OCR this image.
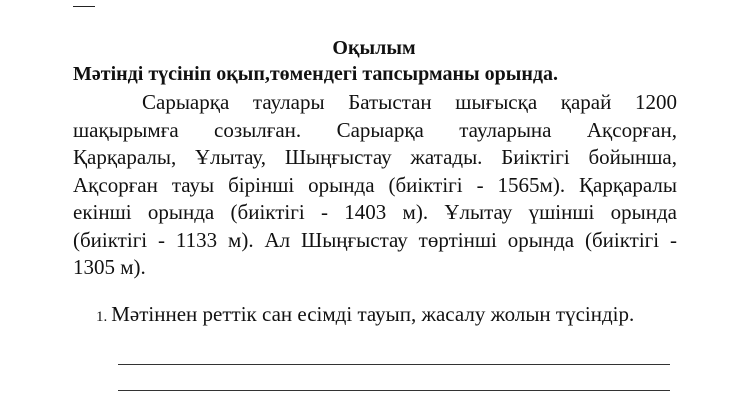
Оқылым
Мәтінді түсініп оқып,төмендегі тапсырманы орында.
Сарыарқа таулары Батыстан шығысқа қарай 1200
шақырымға созылған. Сарыарқа тауларына Ақсорған,
Қарқаралы, Ұлытау, Шыңғыстау жатады. Биіктігі бойынша,
Ақсорған тауы бірінші орында (биіктігі - 1565м). Қарқаралы
екінші орында (биіктігі - 1403 м). Ұлытау үшінші орында
(биіктігі - 1133 м). Ал Шыңғыстау төртінші орында (биіктігі -
1305 м).
1. Мәтіннен реттік сан есімді тауып, жасалу жолын түсіндір.
